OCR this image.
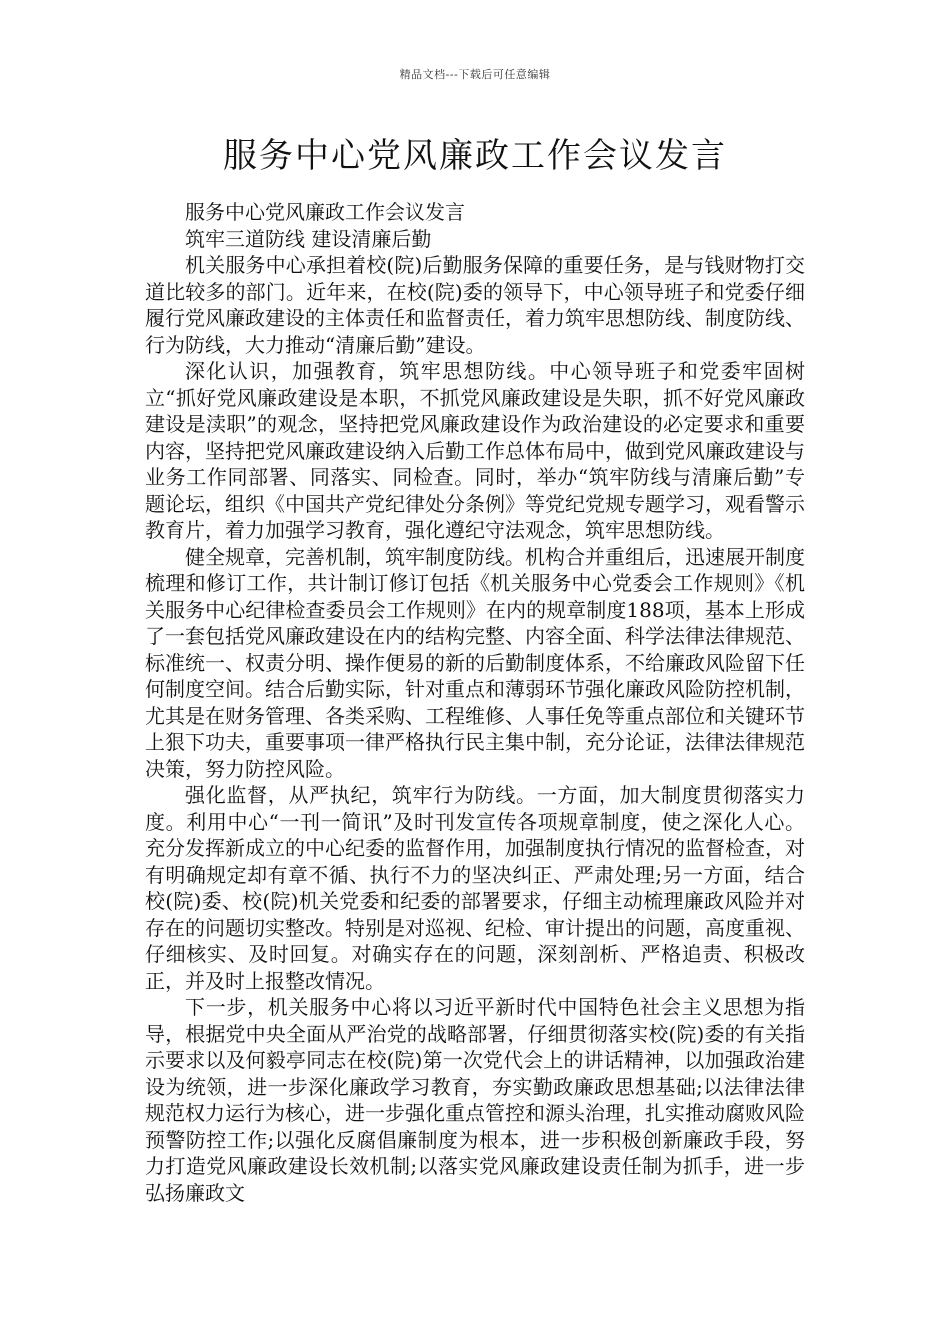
精品文档---下载后可任意编辑
服务中心党风廉政工作会议发言

服务中心党风廉政工作会议发言

筑牢三道防线 建设清廉后勤

机关服务中心承担着校(院)后勤服务保障的重要任务，是与钱财物打交道比较多的部门。近年来，在校(院)委的领导下，中心领导班子和党委仔细履行党风廉政建设的主体责任和监督责任，着力筑牢思想防线、制度防线、行为防线，大力推动“清廉后勤”建设。

深化认识，加强教育，筑牢思想防线。中心领导班子和党委牢固树立“抓好党风廉政建设是本职，不抓党风廉政建设是失职，抓不好党风廉政建设是渎职”的观念，坚持把党风廉政建设作为政治建设的必定要求和重要内容，坚持把党风廉政建设纳入后勤工作总体布局中，做到党风廉政建设与业务工作同部署、同落实、同检查。同时，举办“筑牢防线与清廉后勤”专题论坛，组织《中国共产党纪律处分条例》等党纪党规专题学习，观看警示教育片，着力加强学习教育，强化遵纪守法观念，筑牢思想防线。

健全规章，完善机制，筑牢制度防线。机构合并重组后，迅速展开制度梳理和修订工作，共计制订修订包括《机关服务中心党委会工作规则》《机关服务中心纪律检查委员会工作规则》在内的规章制度188项，基本上形成了一套包括党风廉政建设在内的结构完整、内容全面、科学法律法律规范、标准统一、权责分明、操作便易的新的后勤制度体系，不给廉政风险留下任何制度空间。结合后勤实际，针对重点和薄弱环节强化廉政风险防控机制，尤其是在财务管理、各类采购、工程维修、人事任免等重点部位和关键环节上狠下功夫，重要事项一律严格执行民主集中制，充分论证，法律法律规范决策，努力防控风险。

强化监督，从严执纪，筑牢行为防线。一方面，加大制度贯彻落实力度。利用中心“一刊一简讯”及时刊发宣传各项规章制度，使之深化人心。充分发挥新成立的中心纪委的监督作用，加强制度执行情况的监督检查，对有明确规定却有章不循、执行不力的坚决纠正、严肃处理;另一方面，结合校(院)委、校(院)机关党委和纪委的部署要求，仔细主动梳理廉政风险并对存在的问题切实整改。特别是对巡视、纪检、审计提出的问题，高度重视、仔细核实、及时回复。对确实存在的问题，深刻剖析、严格追责、积极改正，并及时上报整改情况。

下一步，机关服务中心将以习近平新时代中国特色社会主义思想为指导，根据党中央全面从严治党的战略部署，仔细贯彻落实校(院)委的有关指示要求以及何毅亭同志在校(院)第一次党代会上的讲话精神，以加强政治建设为统领，进一步深化廉政学习教育，夯实勤政廉政思想基础;以法律法律规范权力运行为核心，进一步强化重点管控和源头治理，扎实推动腐败风险预警防控工作;以强化反腐倡廉制度为根本，进一步积极创新廉政手段，努力打造党风廉政建设长效机制;以落实党风廉政建设责任制为抓手，进一步弘扬廉政文
